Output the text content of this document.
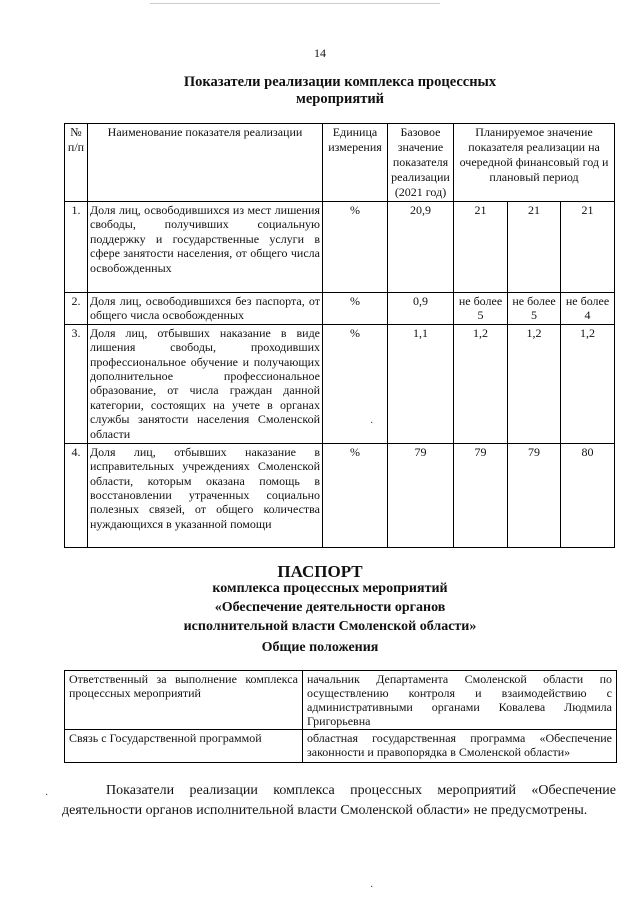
14
Показатели реализации комплекса процессных мероприятий
№ п/п	Наименование показателя реализации	Единица измерения	Базовое значение показателя реализации (2021 год)	Планируемое значение показателя реализации на очередной финансовый год и плановый период		
1.	Доля лиц, освободившихся из мест лишения свободы, получивших социальную поддержку и государственные услуги в сфере занятости населения, от общего числа освобожденных	%	20,9	21	21	21
2.	Доля лиц, освободившихся без паспорта, от общего числа освобожденных	%	0,9	не более 5	не более 5	не более 4
3.	Доля лиц, отбывших наказание в виде лишения свободы, проходивших профессиональное обучение и получающих дополнительное профессиональное образование, от числа граждан данной категории, состоящих на учете в органах службы занятости населения Смоленской области	%	1,1	1,2	1,2	1,2
4.	Доля лиц, отбывших наказание в исправительных учреждениях Смоленской области, которым оказана помощь в восстановлении утраченных социально полезных связей, от общего количества нуждающихся в указанной помощи	%	79	79	79	80
ПАСПОРТ
комплекса процессных мероприятий
«Обеспечение деятельности органов
исполнительной власти Смоленской области»
Общие положения
Ответственный за выполнение комплекса процессных мероприятий	начальник Департамента Смоленской области по осуществлению контроля и взаимодействию с административными органами Ковалева Людмила Григорьевна
Связь с Государственной программой	областная государственная программа «Обеспечение законности и правопорядка в Смоленской области»
Показатели реализации комплекса процессных мероприятий «Обеспечение деятельности органов исполнительной власти Смоленской области» не предусмотрены.
·
·
·
